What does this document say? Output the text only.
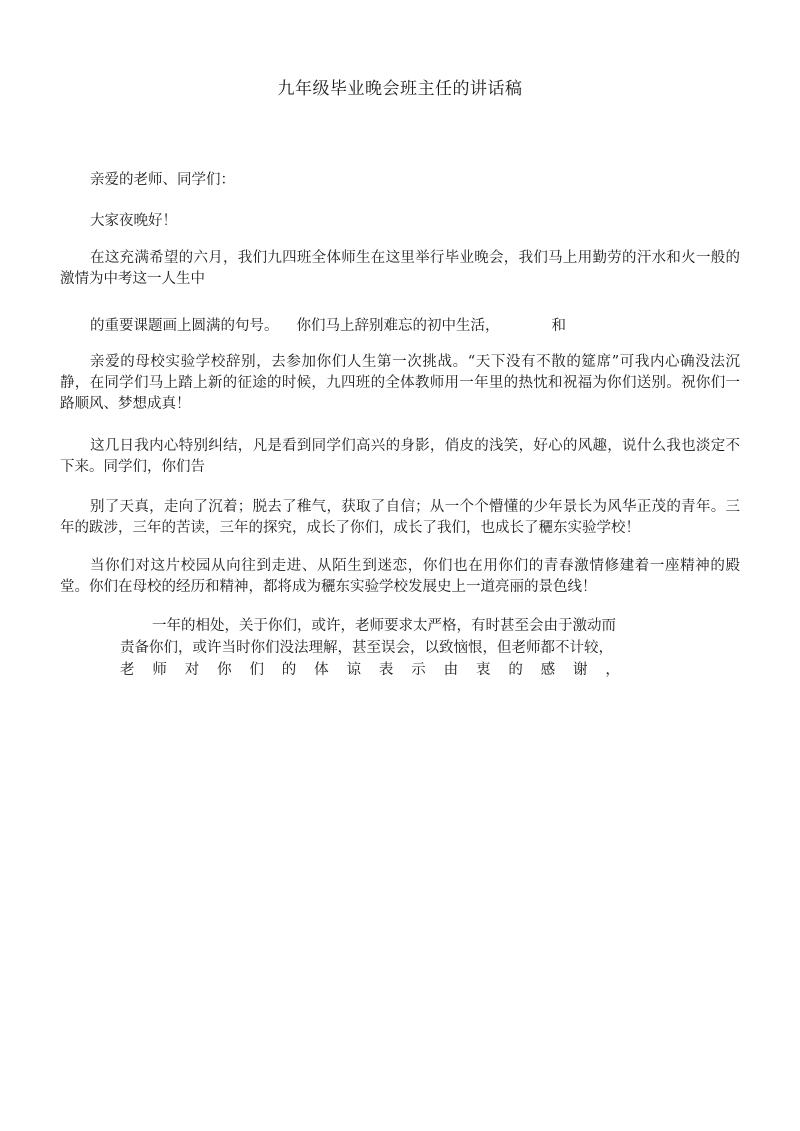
九年级毕业晚会班主任的讲话稿
亲爱的老师、同学们：
大家夜晚好！
在这充满希望的六月，我们九四班全体师生在这里举行毕业晚会，我们马上用勤劳的汗水和火一般的激情为中考这一人生中
的重要课题画上圆满的句号。 你们马上辞别难忘的初中生活，	和
亲爱的母校实验学校辞别，去参加你们人生第一次挑战。“天下没有不散的筵席”可我内心确没法沉静，在同学们马上踏上新的征途的时候，九四班的全体教师用一年里的热忱和祝福为你们送别。祝你们一路顺风、梦想成真！
这几日我内心特别纠结，凡是看到同学们高兴的身影，俏皮的浅笑，好心的风趣，说什么我也淡定不下来。同学们，你们告
别了天真，走向了沉着；脱去了稚气，获取了自信；从一个个懵懂的少年景长为风华正茂的青年。三年的跋涉，三年的苦读，三年的探究，成长了你们，成长了我们，也成长了穲东实验学校！
当你们对这片校园从向往到走进、从陌生到迷恋，你们也在用你们的青春激情修建着一座精神的殿堂。你们在母校的经历和精神，都将成为穲东实验学校发展史上一道亮丽的景色线！
一年的相处，关于你们，或许，老师要求太严格，有时甚至会由于激动而
责备你们，或许当时你们没法理解，甚至误会，以致恼恨，但老师都不计较，
老 师 对 你 们 的 体 谅 表 示 由 衷 的 感 谢 ，
